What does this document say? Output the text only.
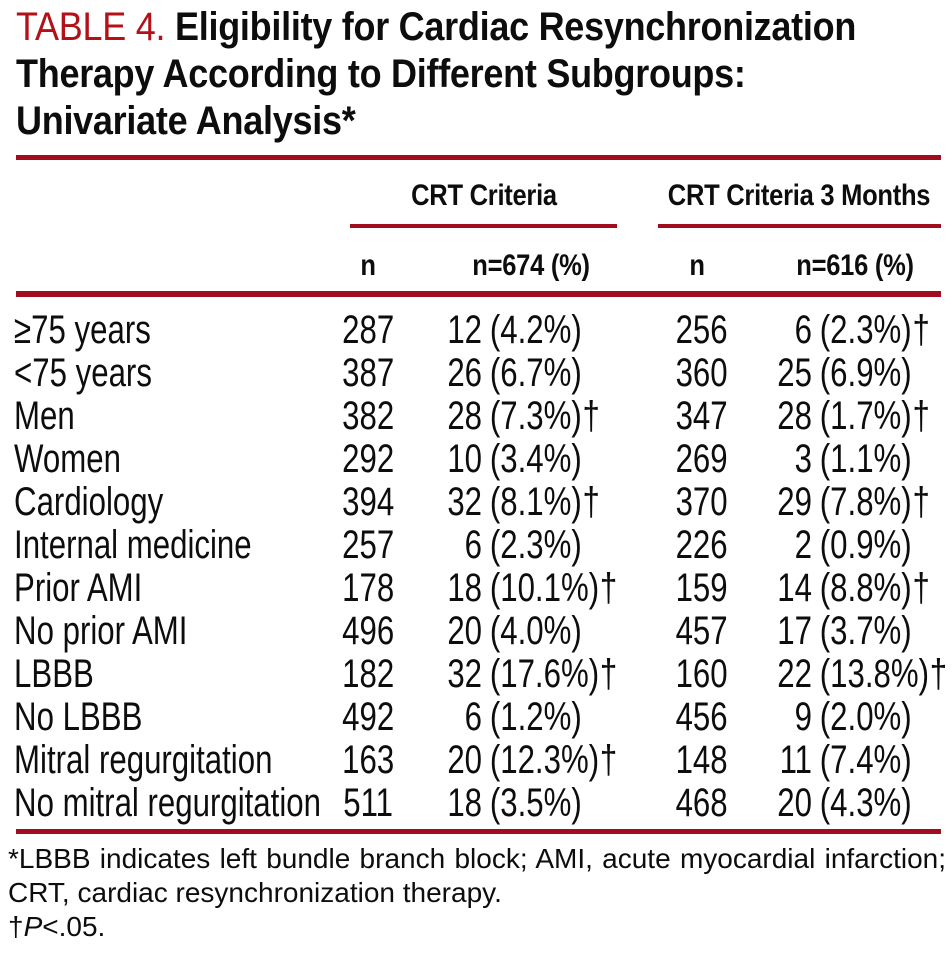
TABLE 4. Eligibility for Cardiac Resynchronization
Therapy According to Different Subgroups:
Univariate Analysis*
CRT Criteria	CRT Criteria 3 Months
n	n=674 (%)	n	n=616 (%)
≥75 years	287	12 (4.2%)	256	6 (2.3%) †
<75 years	387	26 (6.7%)	360	25 (6.9%)
Men	382	28 (7.3%) †	347	28 (1.7%) †
Women	292	10 (3.4%)	269	3 (1.1%)
Cardiology	394	32 (8.1%) †	370	29 (7.8%) †
Internal medicine	257	6 (2.3%)	226	2 (0.9%)
Prior AMI	178	18 (10.1%) †	159	14 (8.8%) †
No prior AMI	496	20 (4.0%)	457	17 (3.7%)
LBBB	182	32 (17.6%) †	160	22 (13.8%) †
No LBBB	492	6 (1.2%)	456	9 (2.0%)
Mitral regurgitation	163	20 (12.3%) †	148	11 (7.4%)
No mitral regurgitation 511	18 (3.5%)	468	20 (4.3%)
*LBBB indicates left bundle branch block; AMI, acute myocardial infarction; CRT, cardiac resynchronization therapy.
†P<.05.
